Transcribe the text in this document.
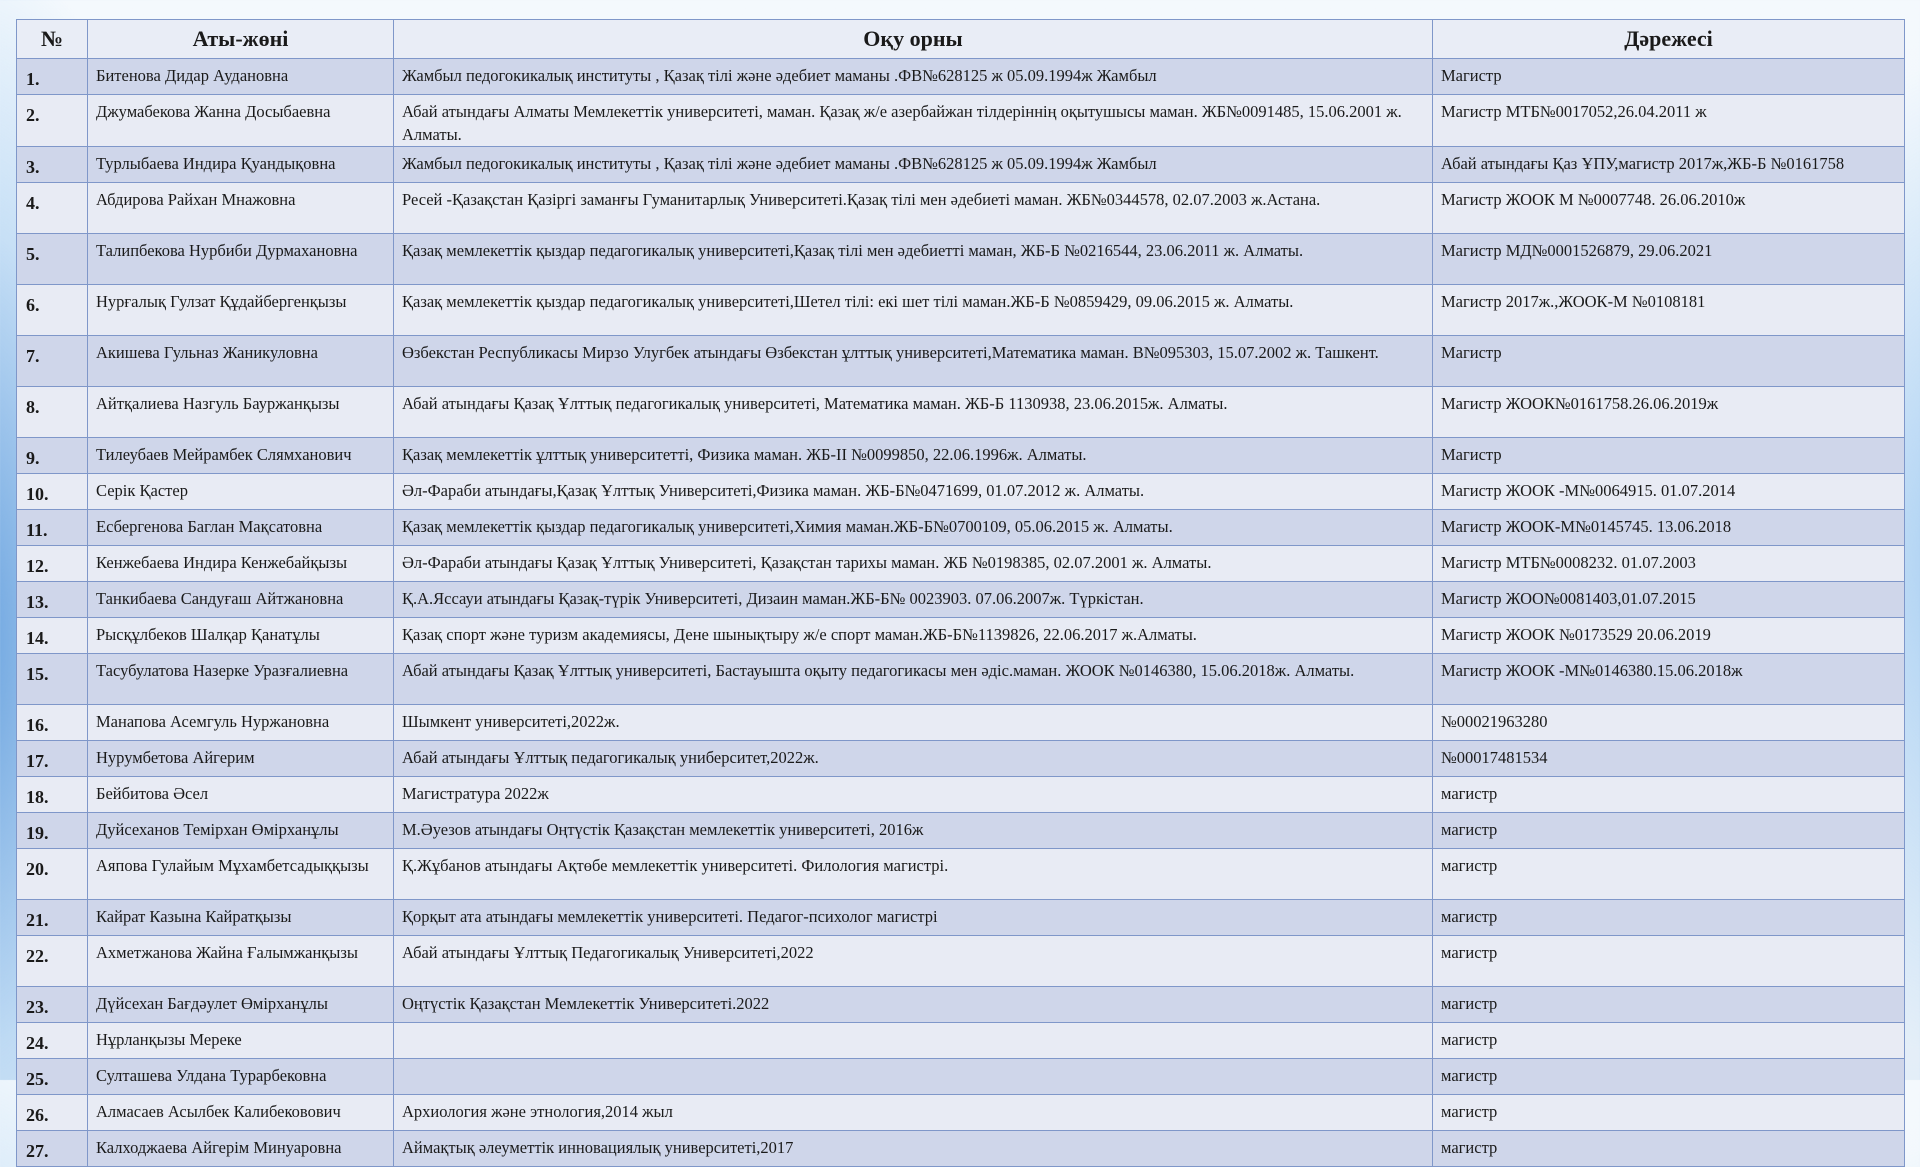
№	Аты-жөні	Оқу орны	Дәрежесі
1.	Битенова Дидар Аудановна	Жамбыл педогокикалық институты , Қазақ тілі және әдебиет маманы .ФВ№628125 ж 05.09.1994ж Жамбыл	Магистр
2.	Джумабекова Жанна Досыбаевна	Абай атындағы Алматы Мемлекеттік университеті, маман. Қазақ ж/е азербайжан тілдеріннің оқытушысы маман. ЖБ№0091485, 15.06.2001 ж. Алматы.	Магистр МТБ№0017052,26.04.2011 ж
3.	Турлыбаева Индира Қуандықовна	Жамбыл педогокикалық институты , Қазақ тілі және әдебиет маманы .ФВ№628125 ж 05.09.1994ж Жамбыл	Абай атындағы Қаз ҰПУ,магистр 2017ж,ЖБ-Б №0161758
4.	Абдирова Райхан Мнажовна	Ресей -Қазақстан Қазіргі заманғы Гуманитарлық Университеті.Қазақ тілі мен әдебиеті маман. ЖБ№0344578, 02.07.2003 ж.Астана.	Магистр ЖООК М №0007748. 26.06.2010ж
5.	Талипбекова Нурбиби Дурмахановна	Қазақ мемлекеттік қыздар педагогикалық университеті,Қазақ тілі мен әдебиетті маман, ЖБ-Б №0216544, 23.06.2011 ж. Алматы.	Магистр МД№0001526879, 29.06.2021
6.	Нурғалық Гулзат Құдайбергенқызы	Қазақ мемлекеттік қыздар педагогикалық университеті,Шетел тілі: екі шет тілі маман.ЖБ-Б №0859429, 09.06.2015 ж. Алматы.	Магистр 2017ж.,ЖООК-М №0108181
7.	Акишева Гульназ Жаникуловна	Өзбекстан Республикасы Мирзо Улугбек атындағы Өзбекстан ұлттық университеті,Математика маман. В№095303, 15.07.2002 ж. Ташкент.	Магистр
8.	Айтқалиева Назгуль Бауржанқызы	Абай атындағы Қазақ Ұлттық педагогикалық университеті, Математика маман. ЖБ-Б 1130938, 23.06.2015ж. Алматы.	Магистр ЖООК№0161758.26.06.2019ж
9.	Тилеубаев Мейрамбек Слямханович	Қазақ мемлекеттік ұлттық университетті, Физика маман. ЖБ-II №0099850, 22.06.1996ж. Алматы.	Магистр
10.	Серік Қастер	Әл-Фараби атындағы,Қазақ Ұлттық Университеті,Физика маман. ЖБ-Б№0471699, 01.07.2012 ж. Алматы.	Магистр ЖООК -М№0064915. 01.07.2014
11.	Есбергенова Баглан Мақсатовна	Қазақ мемлекеттік қыздар педагогикалық университеті,Химия маман.ЖБ-Б№0700109, 05.06.2015 ж. Алматы.	Магистр ЖООК-М№0145745. 13.06.2018
12.	Кенжебаева Индира Кенжебайқызы	Әл-Фараби атындағы Қазақ Ұлттық Университеті, Қазақстан тарихы маман. ЖБ №0198385, 02.07.2001 ж. Алматы.	Магистр МТБ№0008232. 01.07.2003
13.	Танкибаева Сандуғаш Айтжановна	Қ.А.Яссауи атындағы Қазақ-түрік Университеті, Дизаин маман.ЖБ-Б№ 0023903. 07.06.2007ж. Түркістан.	Магистр ЖОО№0081403,01.07.2015
14.	Рысқұлбеков Шалқар Қанатұлы	Қазақ спорт және туризм академиясы, Дене шынықтыру ж/е спорт маман.ЖБ-Б№1139826, 22.06.2017 ж.Алматы.	Магистр ЖООК №0173529 20.06.2019
15.	Тасубулатова Назерке Уразғалиевна	Абай атындағы Қазақ Ұлттық университеті, Бастауышта оқыту педагогикасы мен әдіс.маман. ЖООК №0146380, 15.06.2018ж. Алматы.	Магистр ЖООК -М№0146380.15.06.2018ж
16.	Манапова Асемгуль Нуржановна	Шымкент университеті,2022ж.	№00021963280
17.	Нурумбетова Айгерим	Абай атындағы Ұлттық педагогикалық униберситет,2022ж.	№00017481534
18.	Бейбитова Әсел	Магистратура 2022ж	магистр
19.	Дуйсеханов Темірхан Өмірханұлы	М.Әуезов атындағы Оңтүстік Қазақстан мемлекеттік университеті, 2016ж	магистр
20.	Аяпова Гулайым Мұхамбетсадыққызы	Қ.Жұбанов атындағы Ақтөбе мемлекеттік университеті. Филология магистрі.	магистр
21.	Кайрат Казына Кайратқызы	Қорқыт ата атындағы мемлекеттік университеті. Педагог-психолог магистрі	магистр
22.	Ахметжанова Жайна Ғалымжанқызы	Абай атындағы Ұлттық Педагогикалық Университеті,2022	магистр
23.	Дүйсехан Бағдәулет Өмірханұлы	Оңтүстік Қазақстан Мемлекеттік Университеті.2022	магистр
24.	Нұрланқызы Мереке		магистр
25.	Султашева Улдана Турарбековна		магистр
26.	Алмасаев Асылбек Калибековович	Архиология және этнология,2014 жыл	магистр
27.	Калходжаева Айгерім Минуаровна	Аймақтық әлеуметтік инновациялық университеті,2017	магистр
